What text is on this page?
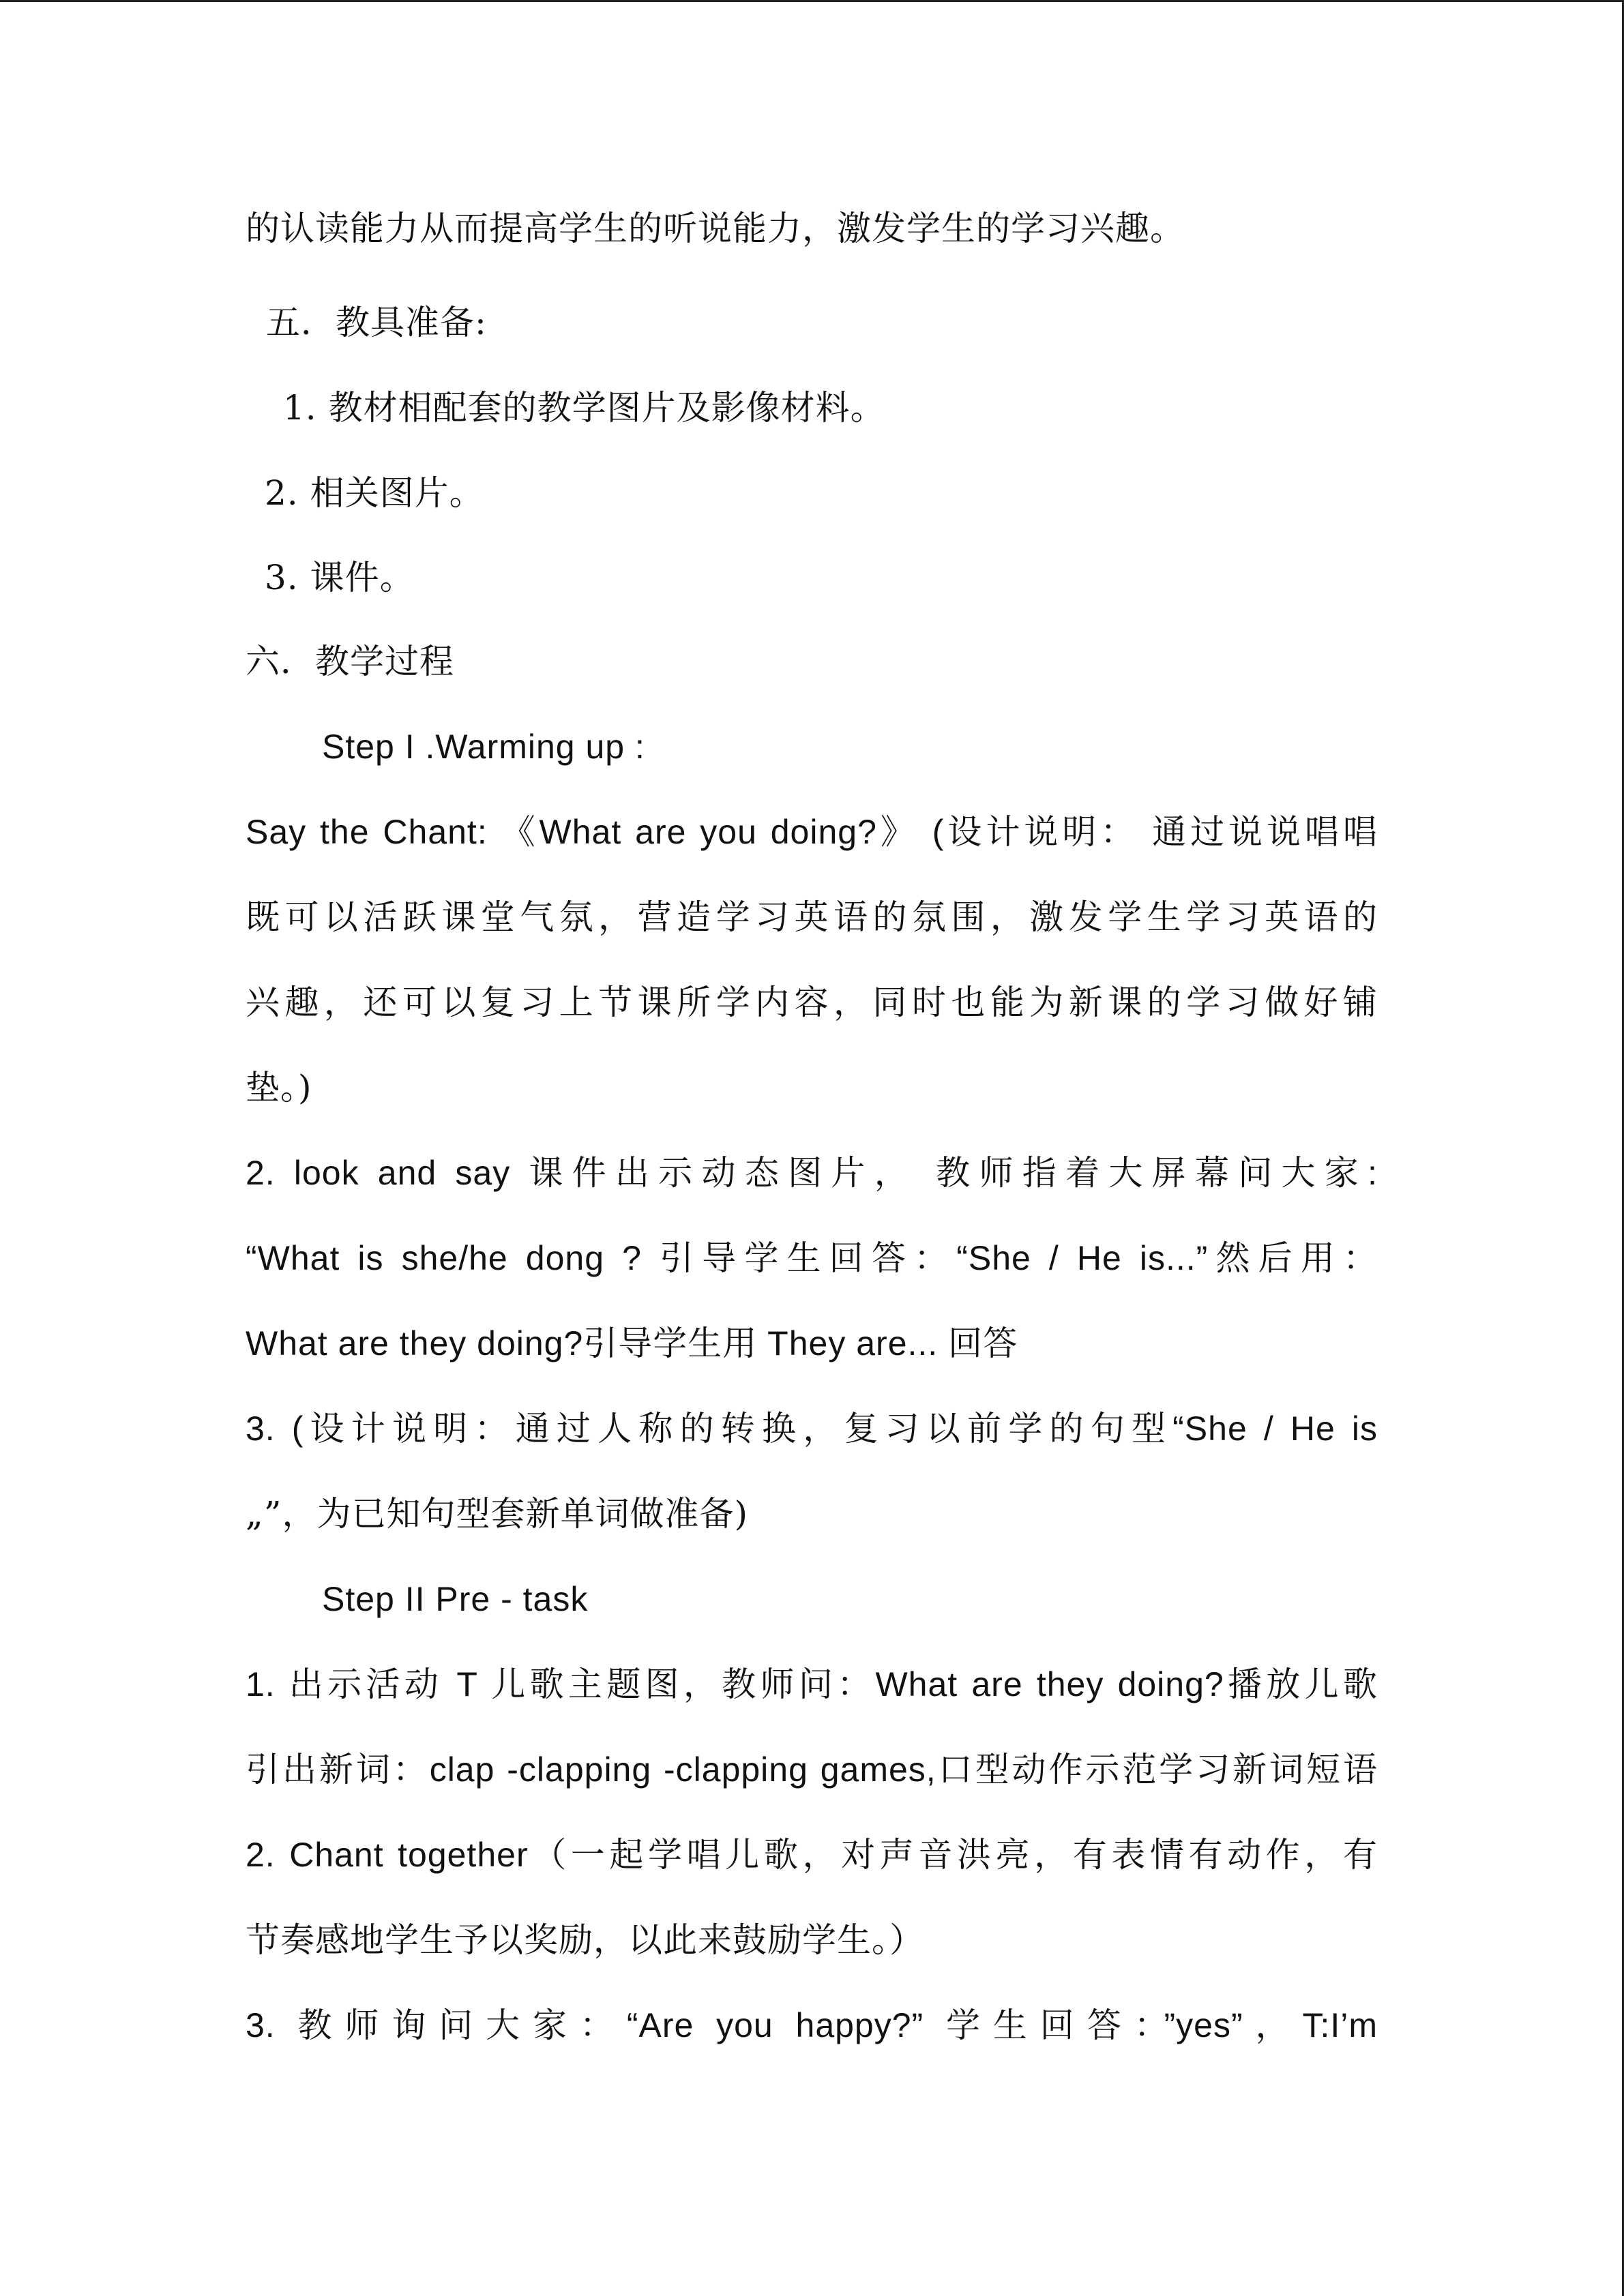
的认读能力从而提高学生的听说能力，激发学生的学习兴趣。
五．教具准备:
1. 教材相配套的教学图片及影像材料。
2. 相关图片。
3. 课件。
六．教学过程
Step I .Warming up :
Say the Chant: 《What are you doing?》 (设计说明： 通过说说唱唱
既可以活跃课堂气氛，营造学习英语的氛围，激发学生学习英语的
兴趣，还可以复习上节课所学内容，同时也能为新课的学习做好铺
垫。)
2. look and say 课件出示动态图片， 教师指着大屏幕问大家:
“What is she/he dong ? 引导学生回答：“She / He is...”然后用：
What are they doing?引导学生用 They are... 回答
3. (设计说明：通过人称的转换，复习以前学的句型“She / He is
„”，为已知句型套新单词做准备)
Step II Pre - task
1. 出示活动 T 儿歌主题图，教师问：What are they doing?播放儿歌
引出新词：clap -clapping -clapping games,口型动作示范学习新词短语
2. Chant together（一起学唱儿歌，对声音洪亮，有表情有动作，有
节奏感地学生予以奖励，以此来鼓励学生。）
3. 教师询问大家：“Are you happy?” 学生回答：”yes”，T:I’m
